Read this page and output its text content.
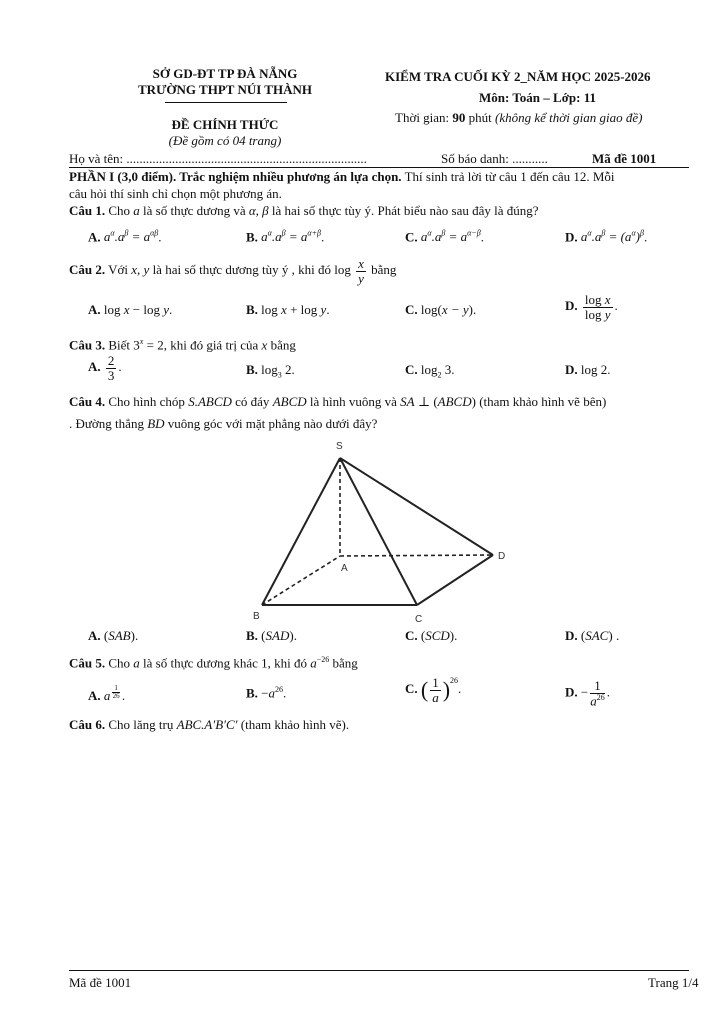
SỞ GD-ĐT TP ĐÀ NẴNG
TRƯỜNG THPT NÚI THÀNH
ĐỀ CHÍNH THỨC
(Đề gồm có 04 trang)
KIỂM TRA CUỐI KỲ 2_NĂM HỌC 2025-2026
Môn: Toán – Lớp: 11
Thời gian: 90 phút (không kể thời gian giao đề)
Họ và tên: ..........................................................................	Số báo danh: ...........	Mã đề 1001
PHẦN I (3,0 điểm). Trắc nghiệm nhiều phương án lựa chọn. Thí sinh trả lời từ câu 1 đến câu 12. Mỗi
câu hỏi thí sinh chỉ chọn một phương án.
Câu 1. Cho a là số thực dương và α, β là hai số thực tùy ý. Phát biểu nào sau đây là đúng?
A. $a^\alpha.a^\beta = a^{\alpha\beta}$.	B. $a^\alpha.a^\beta = a^{\alpha+\beta}$.	C. $a^\alpha.a^\beta = a^{\alpha-\beta}$.	D. $a^\alpha.a^\beta = (a^\alpha)^\beta$.
Câu 2. Với x, y là hai số thực dương tùy ý , khi đó $\log \frac{x}{y}$ bằng
A. log x − log y.	B. log x + log y.	C. log(x − y).	D. $\frac{\text{log x}}{\text{log y}}$ .
Câu 3. Biết $3^x = 2$, khi đó giá trị của x bằng
A. $\frac{2}{3}$ .	B. $\log_3 2$.	C. $\log_2 3$.	D. log 2.
Câu 4. Cho hình chóp S.ABCD có đáy ABCD là hình vuông và SA ⊥ (ABCD) (tham khảo hình vẽ bên)
. Đường thẳng BD vuông góc với mặt phẳng nào dưới đây?
S
A
B	C
D
A. (SAB).	B. (SAD).	C. (SCD).	D. (SAC) .
Câu 5. Cho a là số thực dương khác 1, khi đó $a^{-26}$ bằng
A. a $^{\frac{1}{26}}$ .	B. $-a^{26}$.	C. ( $\frac{1}{a} )^{26}$.	D. − $\frac{1}{a^{26}}$ .
Câu 6. Cho lăng trụ ABC.A′B′C′ (tham khảo hình vẽ).
Mã đề 1001	Trang 1/4
